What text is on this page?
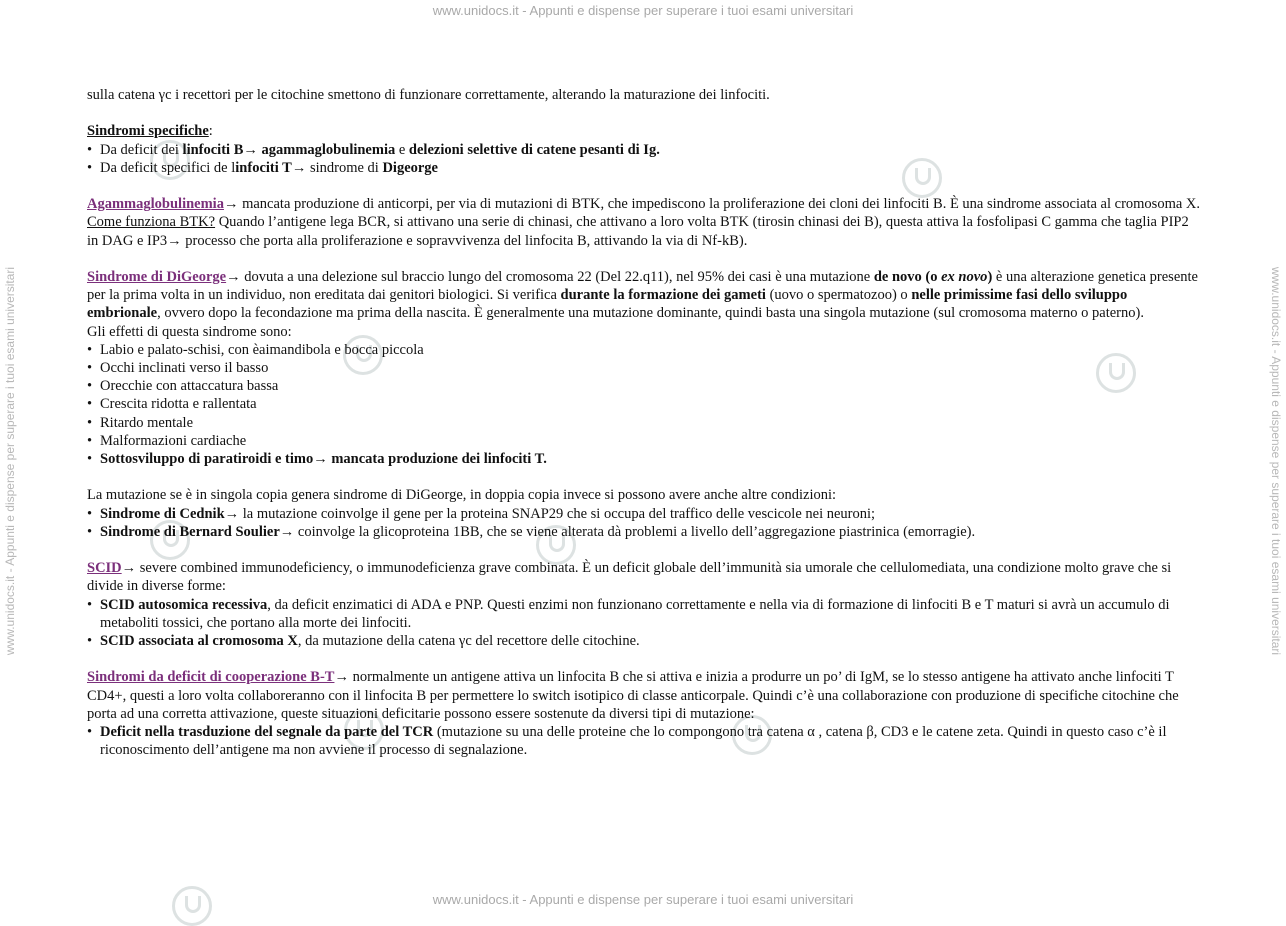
www.unidocs.it - Appunti e dispense per superare i tuoi esami universitari
www.unidocs.it - Appunti e dispense per superare i tuoi esami universitari
www.unidocs.it - Appunti e dispense per superare i tuoi esami universitari	www.unidocs.it - Appunti e dispense per superare i tuoi esami universitari

sulla catena γc i recettori per le citochine smettono di funzionare correttamente, alterando la maturazione dei linfociti.

Sindromi specifiche:

• Da deficit dei linfociti B→ agammaglobulinemia e delezioni selettive di catene pesanti di Ig.

• Da deficit specifici de linfociti T→ sindrome di Digeorge

Agammaglobulinemia→ mancata produzione di anticorpi, per via di mutazioni di BTK, che impediscono la proliferazione dei cloni dei linfociti B. È una sindrome associata al cromosoma X. Come funziona BTK? Quando l’antigene lega BCR, si attivano una serie di chinasi, che attivano a loro volta BTK (tirosin chinasi dei B), questa attiva la fosfolipasi C gamma che taglia PIP2 in DAG e IP3→ processo che porta alla proliferazione e sopravvivenza del linfocita B, attivando la via di Nf-kB).

Sindrome di DiGeorge→ dovuta a una delezione sul braccio lungo del cromosoma 22 (Del 22.q11), nel 95% dei casi è una mutazione de novo (o ex novo) è una alterazione genetica presente per la prima volta in un individuo, non ereditata dai genitori biologici. Si verifica durante la formazione dei gameti (uovo o spermatozoo) o nelle primissime fasi dello sviluppo embrionale, ovvero dopo la fecondazione ma prima della nascita. È generalmente una mutazione dominante, quindi basta una singola mutazione (sul cromosoma materno o paterno).

Gli effetti di questa sindrome sono:

• Labio e palato-schisi, con èaimandibola e bocca piccola

• Occhi inclinati verso il basso

• Orecchie con attaccatura bassa

• Crescita ridotta e rallentata

• Ritardo mentale

• Malformazioni cardiache

• Sottosviluppo di paratiroidi e timo→ mancata produzione dei linfociti T.

La mutazione se è in singola copia genera sindrome di DiGeorge, in doppia copia invece si possono avere anche altre condizioni:

• Sindrome di Cednik→ la mutazione coinvolge il gene per la proteina SNAP29 che si occupa del traffico delle vescicole nei neuroni;

• Sindrome di Bernard Soulier→ coinvolge la glicoproteina 1BB, che se viene alterata dà problemi a livello dell’aggregazione piastrinica (emorragie).

SCID→ severe combined immunodeficiency, o immunodeficienza grave combinata. È un deficit globale dell’immunità sia umorale che cellulomediata, una condizione molto grave che si divide in diverse forme:

• SCID autosomica recessiva, da deficit enzimatici di ADA e PNP. Questi enzimi non funzionano correttamente e nella via di formazione di linfociti B e T maturi si avrà un accumulo di metaboliti tossici, che portano alla morte dei linfociti.

• SCID associata al cromosoma X, da mutazione della catena γc del recettore delle citochine.

Sindromi da deficit di cooperazione B-T→ normalmente un antigene attiva un linfocita B che si attiva e inizia a produrre un po’ di IgM, se lo stesso antigene ha attivato anche linfociti T CD4+, questi a loro volta collaboreranno con il linfocita B per permettere lo switch isotipico di classe anticorpale. Quindi c’è una collaborazione con produzione di specifiche citochine che porta ad una corretta attivazione, queste situazioni deficitarie possono essere sostenute da diversi tipi di mutazione:

• Deficit nella trasduzione del segnale da parte del TCR (mutazione su una delle proteine che lo compongono tra catena α , catena β, CD3 e le catene zeta. Quindi in questo caso c’è il riconoscimento dell’antigene ma non avviene il processo di segnalazione.
